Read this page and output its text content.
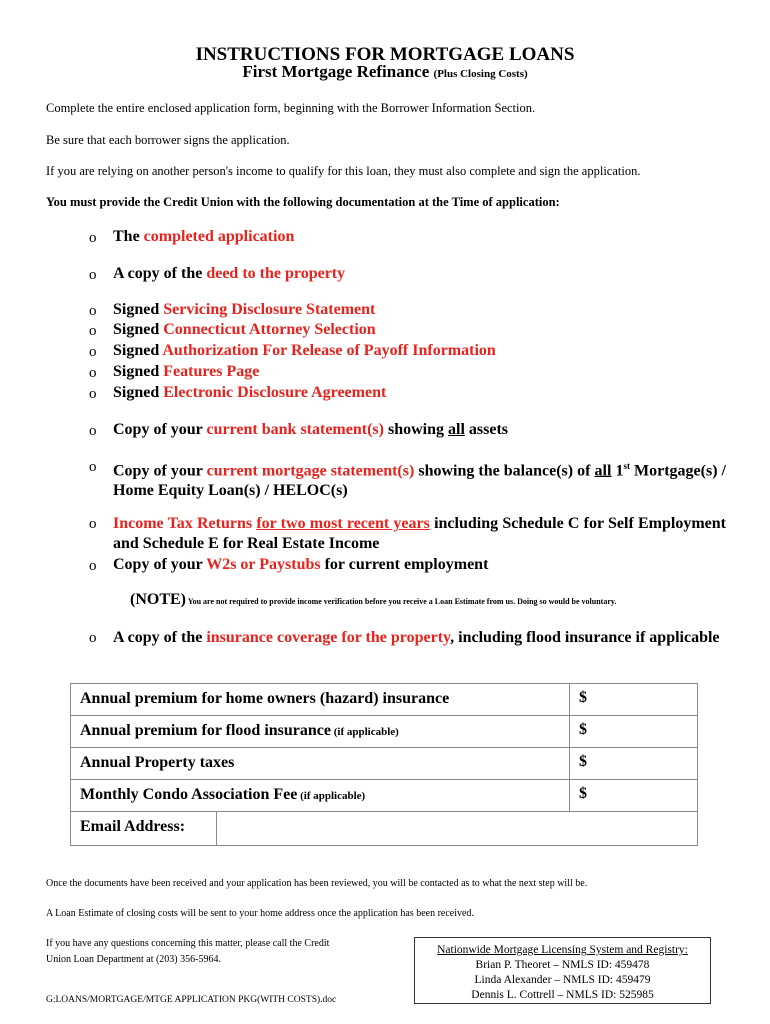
INSTRUCTIONS FOR MORTGAGE LOANS
First Mortgage Refinance (Plus Closing Costs)
Complete the entire enclosed application form, beginning with the Borrower Information Section.
Be sure that each borrower signs the application.
If you are relying on another person's income to qualify for this loan, they must also complete and sign the application.
You must provide the Credit Union with the following documentation at the Time of application:
o The completed application
o A copy of the deed to the property
o Signed Servicing Disclosure Statement
o Signed Connecticut Attorney Selection
o Signed Authorization For Release of Payoff Information
o Signed Features Page
o Signed Electronic Disclosure Agreement
o Copy of your current bank statement(s) showing all assets
o Copy of your current mortgage statement(s) showing the balance(s) of all 1st Mortgage(s) / Home Equity Loan(s) / HELOC(s)
o Income Tax Returns for two most recent years including Schedule C for Self Employment and Schedule E for Real Estate Income
o Copy of your W2s or Paystubs for current employment
(NOTE) You are not required to provide income verification before you receive a Loan Estimate from us. Doing so would be voluntary.
o A copy of the insurance coverage for the property, including flood insurance if applicable
Annual premium for home owners (hazard) insurance	$
Annual premium for flood insurance (if applicable)	$
Annual Property taxes	$
Monthly Condo Association Fee (if applicable)	$
Email Address:
Once the documents have been received and your application has been reviewed, you will be contacted as to what the next step will be.
A Loan Estimate of closing costs will be sent to your home address once the application has been received.
If you have any questions concerning this matter, please call the Credit
Union Loan Department at (203) 356-5964.
G:LOANS/MORTGAGE/MTGE APPLICATION PKG(WITH COSTS).doc
Nationwide Mortgage Licensing System and Registry:
Brian P. Theoret – NMLS ID: 459478
Linda Alexander – NMLS ID: 459479
Dennis L. Cottrell – NMLS ID: 525985
